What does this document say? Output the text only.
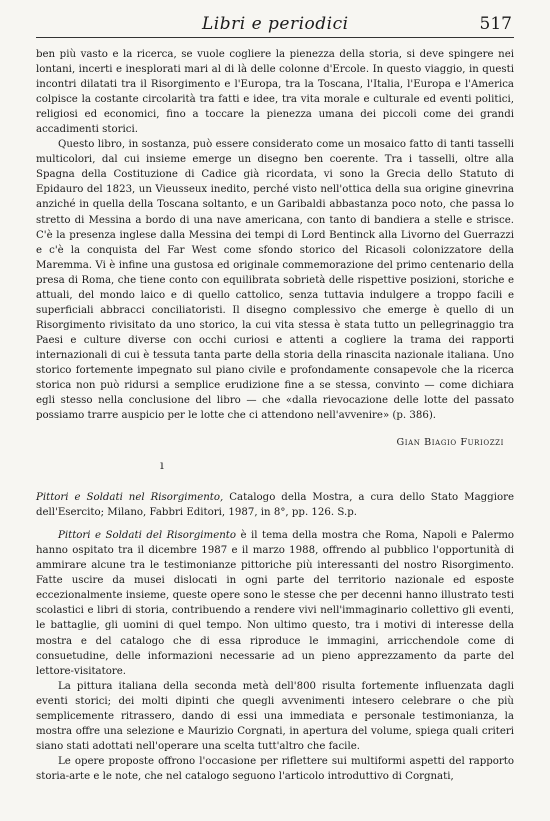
Libri e periodici	517

ben più vasto e la ricerca, se vuole cogliere la pienezza della storia, si deve spingere nei lontani, incerti e inesplorati mari al di là delle colonne d'Ercole. In questo viaggio, in questi incontri dilatati tra il Risorgimento e l'Europa, tra la Toscana, l'Italia, l'Europa e l'America colpisce la costante circolarità tra fatti e idee, tra vita morale e culturale ed eventi politici, religiosi ed economici, fino a toccare la pienezza umana dei piccoli come dei grandi accadimenti storici.

Questo libro, in sostanza, può essere considerato come un mosaico fatto di tanti tasselli multicolori, dal cui insieme emerge un disegno ben coerente. Tra i tasselli, oltre alla Spagna della Costituzione di Cadice già ricordata, vi sono la Grecia dello Statuto di Epidauro del 1823, un Vieusseux inedito, perché visto nell'ottica della sua origine ginevrina anziché in quella della Toscana soltanto, e un Garibaldi abbastanza poco noto, che passa lo stretto di Messina a bordo di una nave americana, con tanto di bandiera a stelle e strisce. C'è la presenza inglese dalla Messina dei tempi di Lord Bentinck alla Livorno del Guerrazzi e c'è la conquista del Far West come sfondo storico del Ricasoli colonizzatore della Maremma. Vi è infine una gustosa ed originale commemorazione del primo centenario della presa di Roma, che tiene conto con equilibrata sobrietà delle rispettive posizioni, storiche e attuali, del mondo laico e di quello cattolico, senza tuttavia indulgere a troppo facili e superficiali abbracci conciliatoristi. Il disegno complessivo che emerge è quello di un Risorgimento rivisitato da uno storico, la cui vita stessa è stata tutto un pellegrinaggio tra Paesi e culture diverse con occhi curiosi e attenti a cogliere la trama dei rapporti internazionali di cui è tessuta tanta parte della storia della rinascita nazionale italiana. Uno storico fortemente impegnato sul piano civile e profondamente consapevole che la ricerca storica non può ridursi a semplice erudizione fine a se stessa, convinto — come dichiara egli stesso nella conclusione del libro — che «dalla rievocazione delle lotte del passato possiamo trarre auspicio per le lotte che ci attendono nell'avvenire» (p. 386).

Gian Biagio Furiozzi
ı
Pittori e Soldati nel Risorgimento, Catalogo della Mostra, a cura dello Stato Maggiore dell'Esercito; Milano, Fabbri Editori, 1987, in 8°, pp. 126. S.p.

Pittori e Soldati del Risorgimento è il tema della mostra che Roma, Napoli e Palermo hanno ospitato tra il dicembre 1987 e il marzo 1988, offrendo al pubblico l'opportunità di ammirare alcune tra le testimonianze pittoriche più interessanti del nostro Risorgimento. Fatte uscire da musei dislocati in ogni parte del territorio nazionale ed esposte eccezionalmente insieme, queste opere sono le stesse che per decenni hanno illustrato testi scolastici e libri di storia, contribuendo a rendere vivi nell'immaginario collettivo gli eventi, le battaglie, gli uomini di quel tempo. Non ultimo questo, tra i motivi di interesse della mostra e del catalogo che di essa riproduce le immagini, arricchendole come di consuetudine, delle informazioni necessarie ad un pieno apprezzamento da parte del lettore-visitatore.

La pittura italiana della seconda metà dell'800 risulta fortemente influenzata dagli eventi storici; dei molti dipinti che quegli avvenimenti intesero celebrare o che più semplicemente ritrassero, dando di essi una immediata e personale testimonianza, la mostra offre una selezione e Maurizio Corgnati, in apertura del volume, spiega quali criteri siano stati adottati nell'operare una scelta tutt'altro che facile.

Le opere proposte offrono l'occasione per riflettere sui multiformi aspetti del rapporto storia-arte e le note, che nel catalogo seguono l'articolo introduttivo di Corgnati,
